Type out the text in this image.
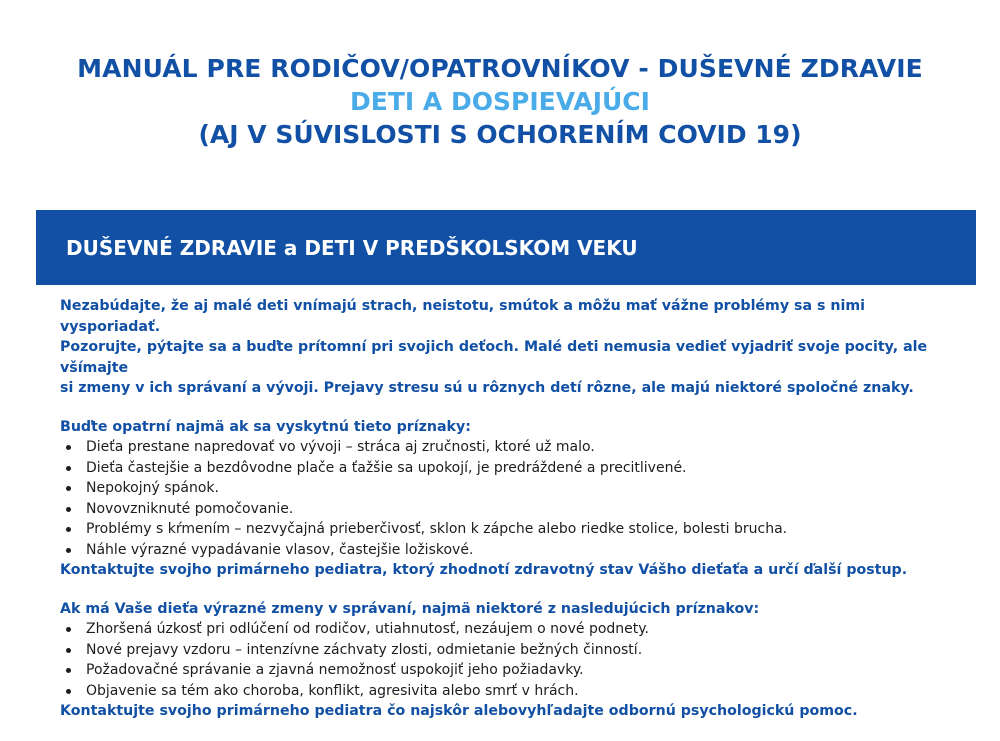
MANUÁL PRE RODIČOV/OPATROVNÍKOV - DUŠEVNÉ ZDRAVIE
DETI A DOSPIEVAJÚCI
(AJ V SÚVISLOSTI S OCHORENÍM COVID 19)
DUŠEVNÉ ZDRAVIE a DETI V PREDŠKOLSKOM VEKU
Nezabúdajte, že aj malé deti vnímajú strach, neistotu, smútok a môžu mať vážne problémy sa s nimi vysporiadať.
Pozorujte, pýtajte sa a buďte prítomní pri svojich deťoch. Malé deti nemusia vedieť vyjadriť svoje pocity, ale všímajte
si zmeny v ich správaní a vývoji. Prejavy stresu sú u rôznych detí rôzne, ale majú niektoré spoločné znaky.
Buďte opatrní najmä ak sa vyskytnú tieto príznaky:
Dieťa prestane napredovať vo vývoji – stráca aj zručnosti, ktoré už malo.
Dieťa častejšie a bezdôvodne plače a ťažšie sa upokojí, je predráždené a precitlivené.
Nepokojný spánok.
Novovzniknuté pomočovanie.
Problémy s kŕmením – nezvyčajná prieberčivosť, sklon k zápche alebo riedke stolice, bolesti brucha.
Náhle výrazné vypadávanie vlasov, častejšie ložiskové.
Kontaktujte svojho primárneho pediatra, ktorý zhodnotí zdravotný stav Vášho dieťaťa a určí ďalší postup.
Ak má Vaše dieťa výrazné zmeny v správaní, najmä niektoré z nasledujúcich príznakov:
Zhoršená úzkosť pri odlúčení od rodičov, utiahnutosť, nezáujem o nové podnety.
Nové prejavy vzdoru – intenzívne záchvaty zlosti, odmietanie bežných činností.
Požadovačné správanie a zjavná nemožnosť uspokojiť jeho požiadavky.
Objavenie sa tém ako choroba, konflikt, agresivita alebo smrť v hrách.
Kontaktujte svojho primárneho pediatra čo najskôr alebovyhľadajte odbornú psychologickú pomoc.
